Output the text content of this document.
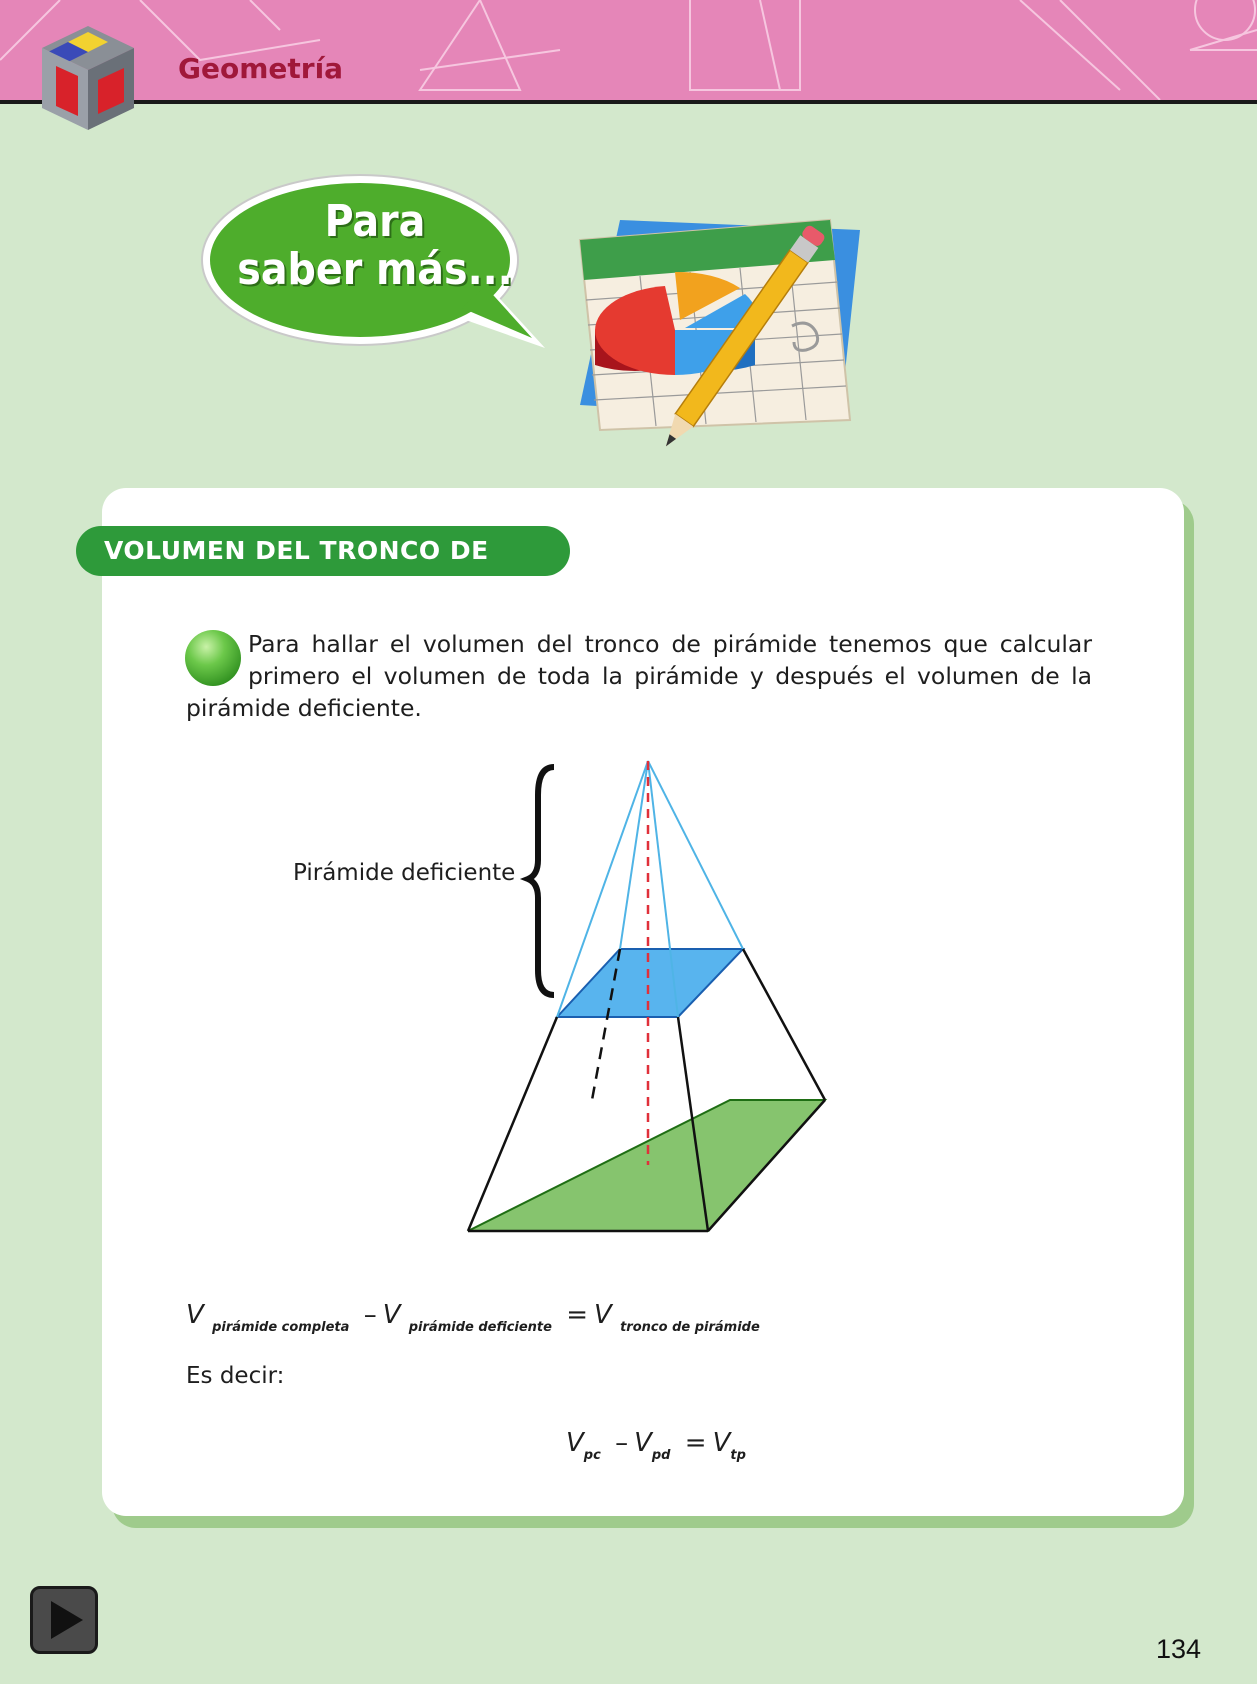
Geometría
Para
saber más...
VOLUMEN DEL TRONCO DE PIRÁMIDE
Para hallar el volumen del tronco de pirámide tenemos que calcular primero el volumen de toda la pirámide y después el volumen de la pirámide deficiente.
Pirámide deficiente
V $_{pirámide completa}$ – V $_{pirámide deficiente}$ = V $_{tronco de pirámide}$
Es decir:
$V_{pc} - V_{pd} = V_{tp}$
134
